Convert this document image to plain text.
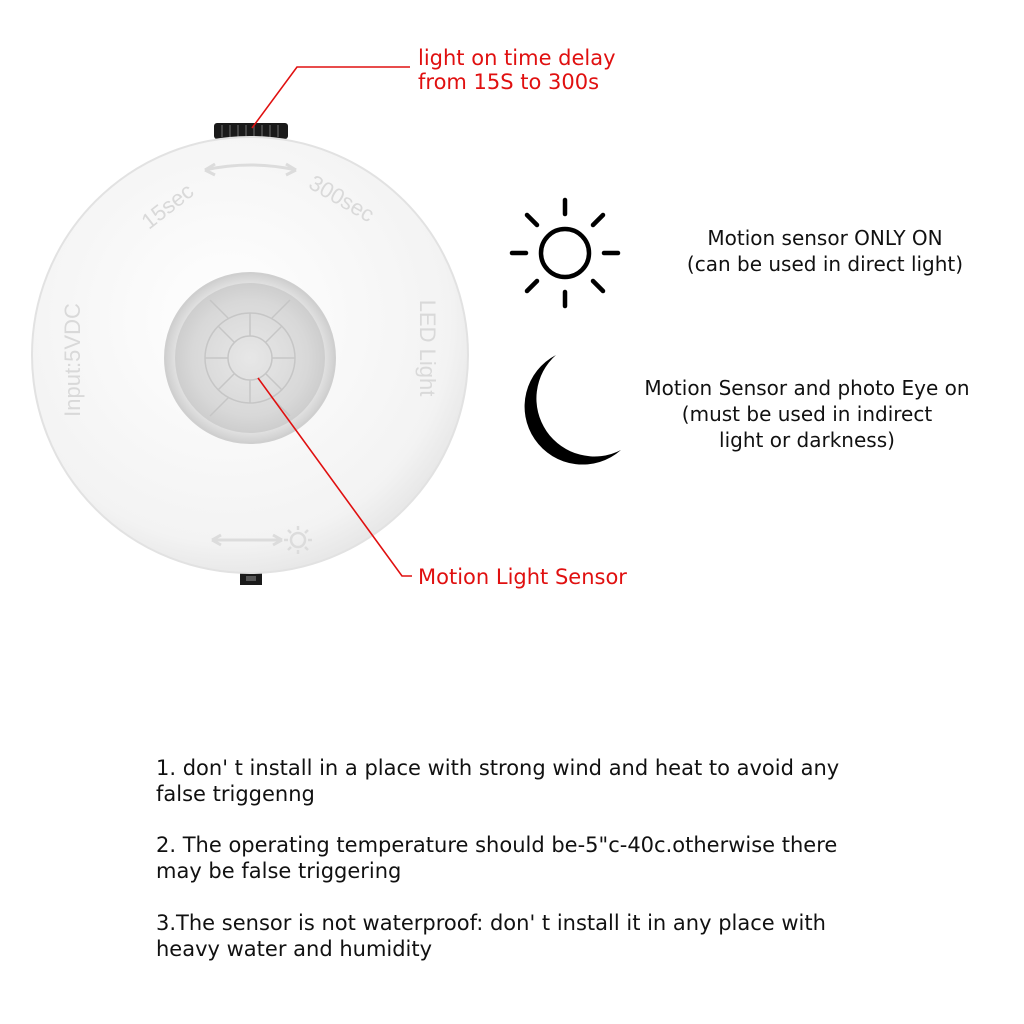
15sec	300sec
Input:5VDC	LED Light
light on time delay
from 15S to 300s
Motion Light Sensor
Motion sensor ONLY ON
(can be used in direct light)
Motion Sensor and photo Eye on
(must be used in indirect
light or darkness)
1. don' t install in a place with strong wind and heat to avoid any
false triggenng
2. The operating temperature should be-5"c-40c.otherwise there
may be false triggering
3.The sensor is not waterproof: don' t install it in any place with
heavy water and humidity
